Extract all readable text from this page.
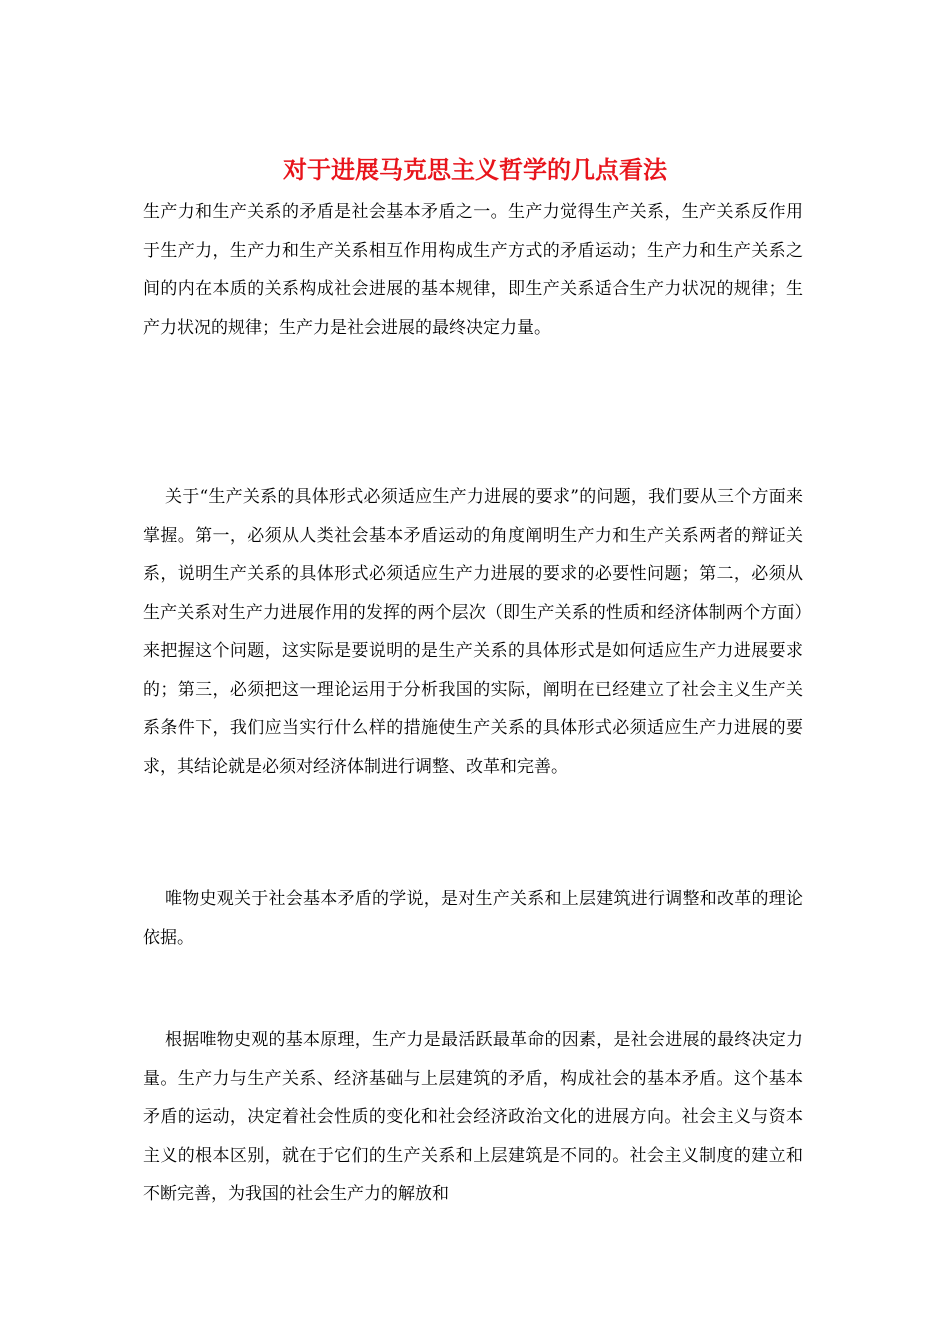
对于进展马克思主义哲学的几点看法

生产力和生产关系的矛盾是社会基本矛盾之一。生产力觉得生产关系，生产关系反作用于生产力，生产力和生产关系相互作用构成生产方式的矛盾运动；生产力和生产关系之间的内在本质的关系构成社会进展的基本规律，即生产关系适合生产力状况的规律；生产力状况的规律；生产力是社会进展的最终决定力量。

关于“生产关系的具体形式必须适应生产力进展的要求”的问题，我们要从三个方面来掌握。第一，必须从人类社会基本矛盾运动的角度阐明生产力和生产关系两者的辩证关系，说明生产关系的具体形式必须适应生产力进展的要求的必要性问题；第二，必须从生产关系对生产力进展作用的发挥的两个层次（即生产关系的性质和经济体制两个方面）来把握这个问题，这实际是要说明的是生产关系的具体形式是如何适应生产力进展要求的；第三，必须把这一理论运用于分析我国的实际，阐明在已经建立了社会主义生产关系条件下，我们应当实行什么样的措施使生产关系的具体形式必须适应生产力进展的要求，其结论就是必须对经济体制进行调整、改革和完善。

唯物史观关于社会基本矛盾的学说，是对生产关系和上层建筑进行调整和改革的理论依据。

根据唯物史观的基本原理，生产力是最活跃最革命的因素，是社会进展的最终决定力量。生产力与生产关系、经济基础与上层建筑的矛盾，构成社会的基本矛盾。这个基本矛盾的运动，决定着社会性质的变化和社会经济政治文化的进展方向。社会主义与资本主义的根本区别，就在于它们的生产关系和上层建筑是不同的。社会主义制度的建立和不断完善，为我国的社会生产力的解放和
